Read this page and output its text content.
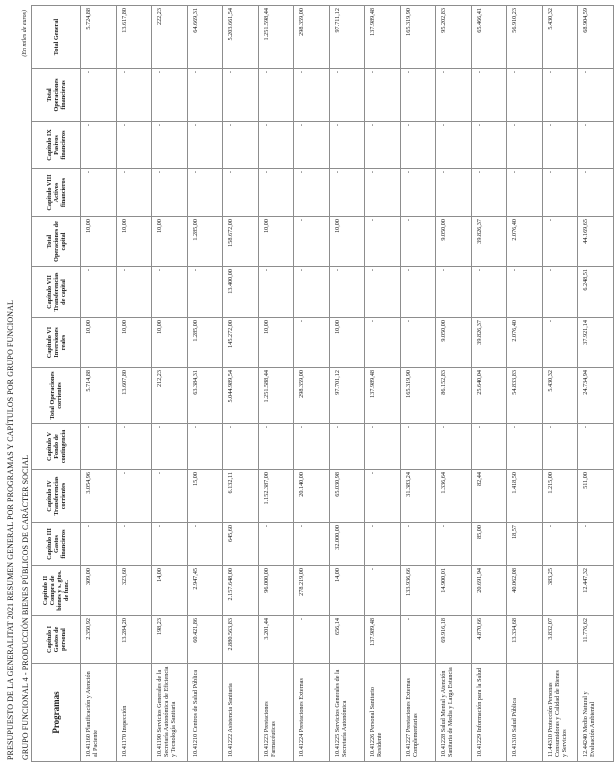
PRESUPUESTO DE LA GENERALITAT 2021 RESUMEN GENERAL POR PROGRAMAS Y CAPÍTULOS POR GRUPO FUNCIONAL GRUPO FUNCIONAL 4 - PRODUCCIÓN BIENES PÚBLICOS DE CARÁCTER SOCIAL
(En miles de euros)
Programas	Capítulo I Gastos de personal	Capítulo II Compra de bienes y s. gtos. de func.	Capítulo III Gastos financieros	Capítulo IV Transferencias corrientes	Capítulo V Fondo de contingencia	Total Operaciones corrientes	Capítulo VI Inversiones reales	Capítulo VII Transferencias de capital	Total Operaciones de capital	Capítulo VIII Activos financieros	Capítulo IX Pasivos financieros	Total Operaciones financieras	Total General
10.41160 Planificación y Atención al Paciente	2.350,92	309,00	-	3.054,96	-	5.714,88	10,00	-	10,00	-	-	-	5.724,88
10.41170 Inspección	13.284,20	323,60	-	-	-	13.607,80	10,00	-	10,00	-	-	-	13.617,80
10.41190 Servicios Generales de la Secretaría Autonómica de Eficiencia y Tecnología Sanitaria	198,23	14,00	-	-	-	212,23	10,00	-	10,00	-	-	-	222,23
10.41210 Centros de Salud Pública	60.421,86	2.947,45	-	15,00	-	63.384,31	1.285,00	-	1.285,00	-	-	-	64.669,31
10.41222 Asistencia Sanitaria	2.880.563,83	2.157.648,00	645,60	6.132,11	-	5.044.989,54	145.272,00	13.400,00	158.672,00	-	-	-	5.203.661,54
10.41223 Prestaciones Farmacéuticas	3.201,44	96.000,00	-	1.152.387,00	-	1.251.588,44	10,00	-	10,00	-	-	-	1.251.598,44
10.41224 Prestaciones Externas	-	278.219,00	-	20.140,00	-	298.359,00	-	-	-	-	-	-	298.359,00
10.41225 Servicios Generales de la Secretaría Autonómica	656,14	14,00	32.000,00	65.030,98	-	97.701,12	10,00	-	10,00	-	-	-	97.711,12
10.41226 Personal Sanitario Residente	137.989,48	-	-	-	-	137.989,48	-	-	-	-	-	-	137.989,48
10.41227 Prestaciones Externas Complementarias	-	133.936,66	-	31.383,24	-	165.319,90	-	-	-	-	-	-	165.319,90
10.41228 Salud Mental y Atención Sanitaria de Media y Larga Estancia	69.916,18	14.900,01	-	1.336,64	-	86.152,83	9.050,00	-	9.050,00	-	-	-	95.202,83
10.41229 Información para la Salud	4.870,66	20.691,94	85,00	82,44	-	25.640,04	39.826,37	-	39.826,37	-	-	-	65.466,41
10.41310 Salud Pública	13.334,68	40.062,08	18,57	1.418,50	-	54.833,83	2.076,40	-	2.076,40	-	-	-	56.910,23
11.44310 Protección Personas Consumidoras y Calidad de Bienes y Servicios	3.832,07	383,25	-	1.215,00	-	5.430,32	-	-	-	-	-	-	5.430,32
12.44240 Medio Natural y Evaluación Ambiental	11.776,62	12.447,32	-	511,00	-	24.734,94	37.921,14	6.248,51	44.169,65	-	-	-	68.904,59
